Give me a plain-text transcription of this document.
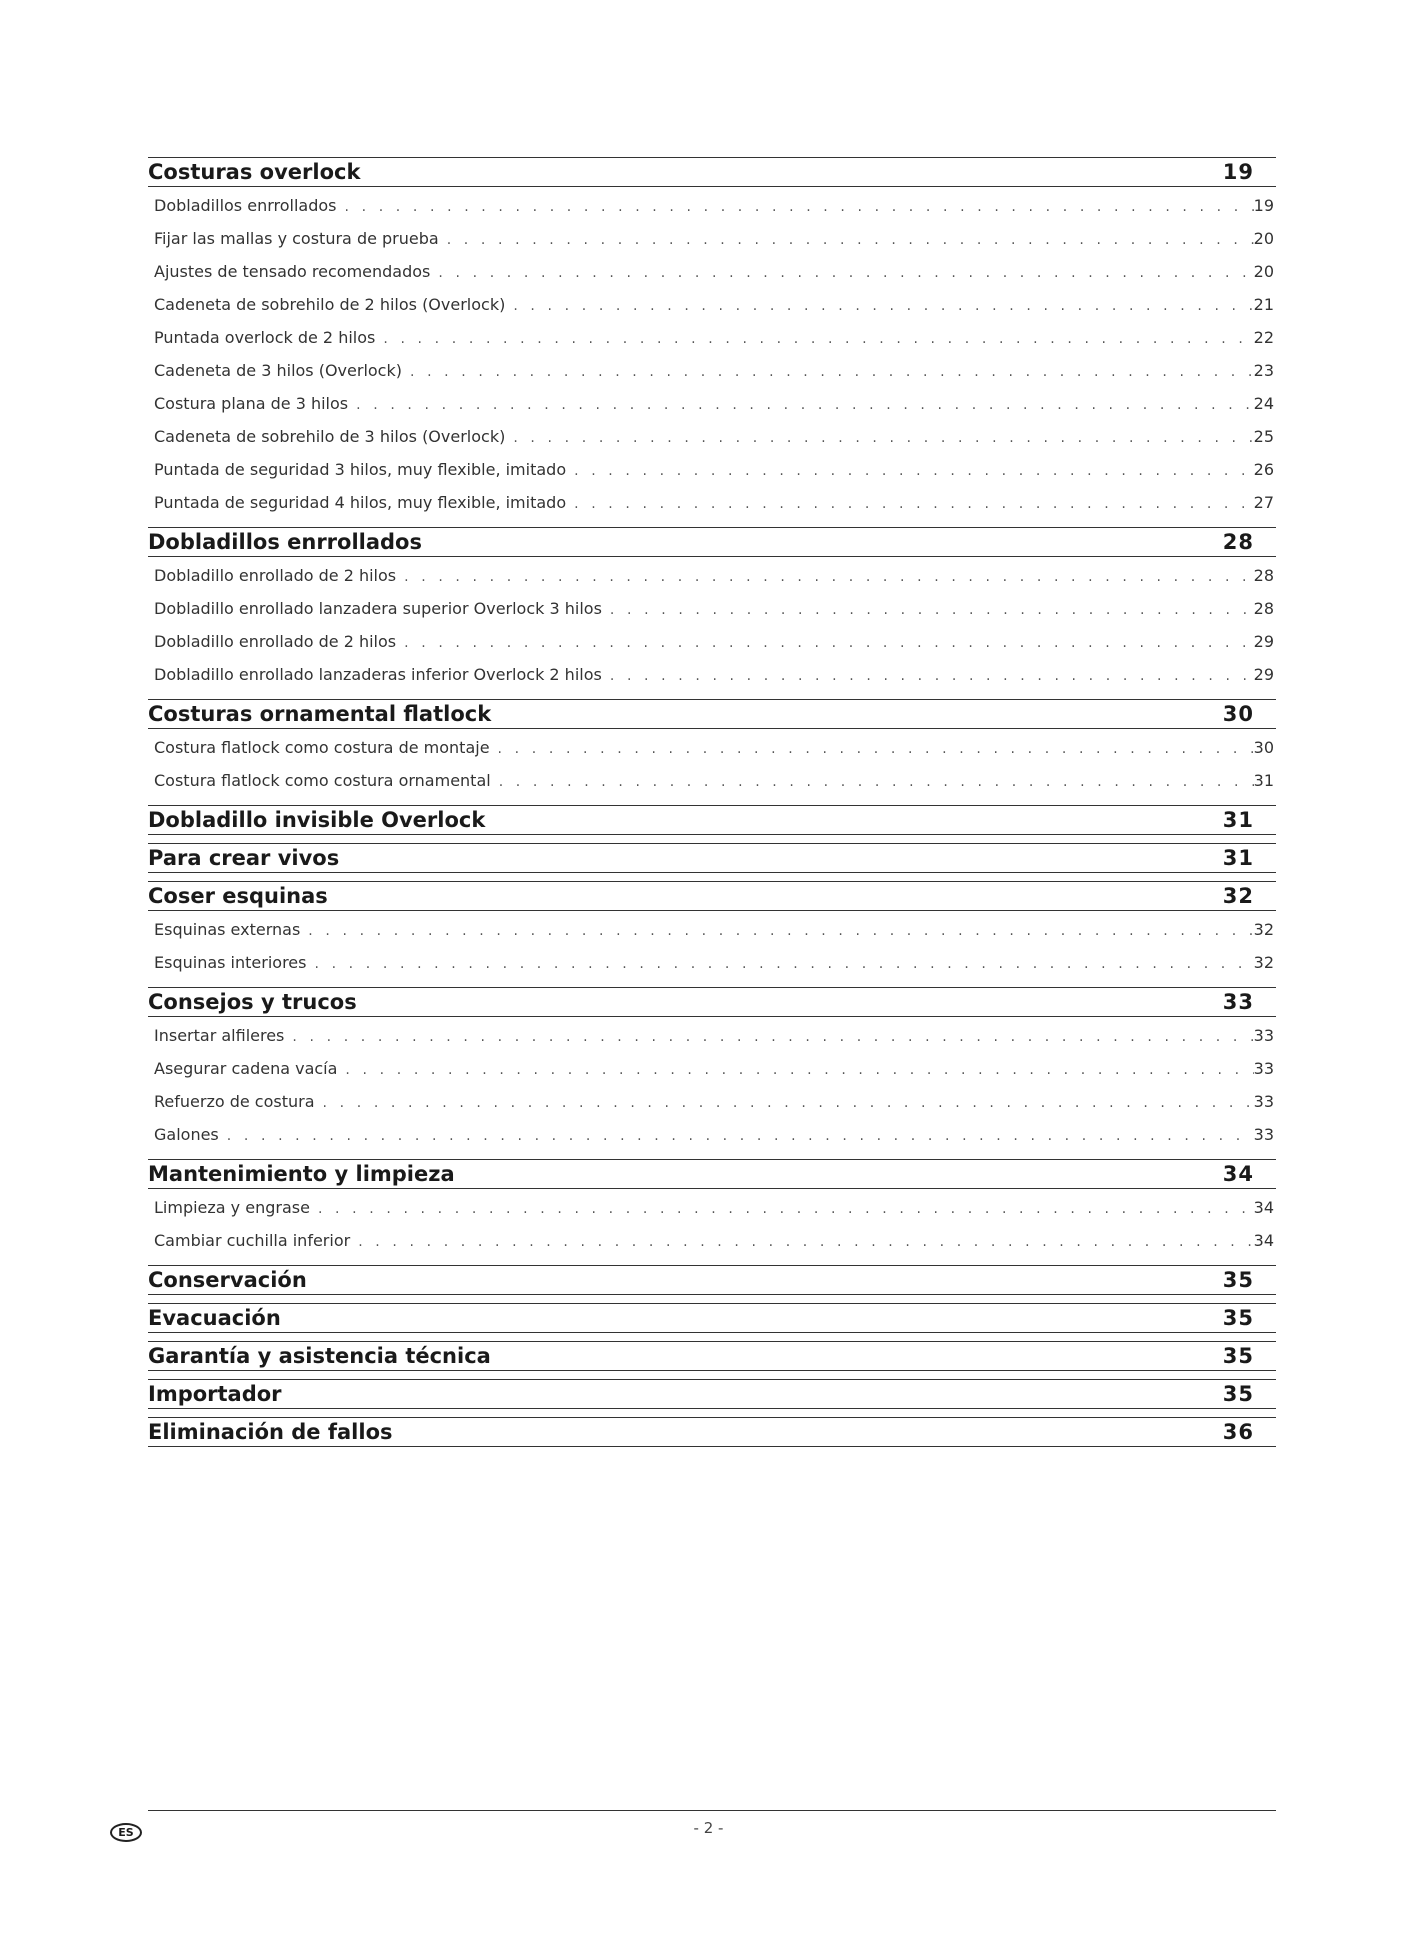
Costuras overlock	19
Dobladillos enrrollados . . .	19
Fijar las mallas y costura de prueba . . .	20
Ajustes de tensado recomendados . . .	20
Cadeneta de sobrehilo de 2 hilos (Overlock) . . .	21
Puntada overlock de 2 hilos . . .	22
Cadeneta de 3 hilos (Overlock) . . .	23
Costura plana de 3 hilos . . .	24
Cadeneta de sobrehilo de 3 hilos (Overlock) . . .	25
Puntada de seguridad 3 hilos, muy flexible, imitado . . .	26
Puntada de seguridad 4 hilos, muy flexible, imitado . . .	27
Dobladillos enrrollados	28
Dobladillo enrollado de 2 hilos . . .	28
Dobladillo enrollado lanzadera superior Overlock 3 hilos . . .	28
Dobladillo enrollado de 2 hilos . . .	29
Dobladillo enrollado lanzaderas inferior Overlock 2 hilos . . .	29
Costuras ornamental flatlock	30
Costura flatlock como costura de montaje . . .	30
Costura flatlock como costura ornamental . . .	31
Dobladillo invisible Overlock	31
Para crear vivos	31
Coser esquinas	32
Esquinas externas . . .	32
Esquinas interiores . . .	32
Consejos y trucos	33
Insertar alfileres . . .	33
Asegurar cadena vacía . . .	33
Refuerzo de costura . . .	33
Galones . . .	33
Mantenimiento y limpieza	34
Limpieza y engrase . . .	34
Cambiar cuchilla inferior . . .	34
Conservación	35
Evacuación	35
Garantía y asistencia técnica	35
Importador	35
Eliminación de fallos	36
ES	- 2 -
